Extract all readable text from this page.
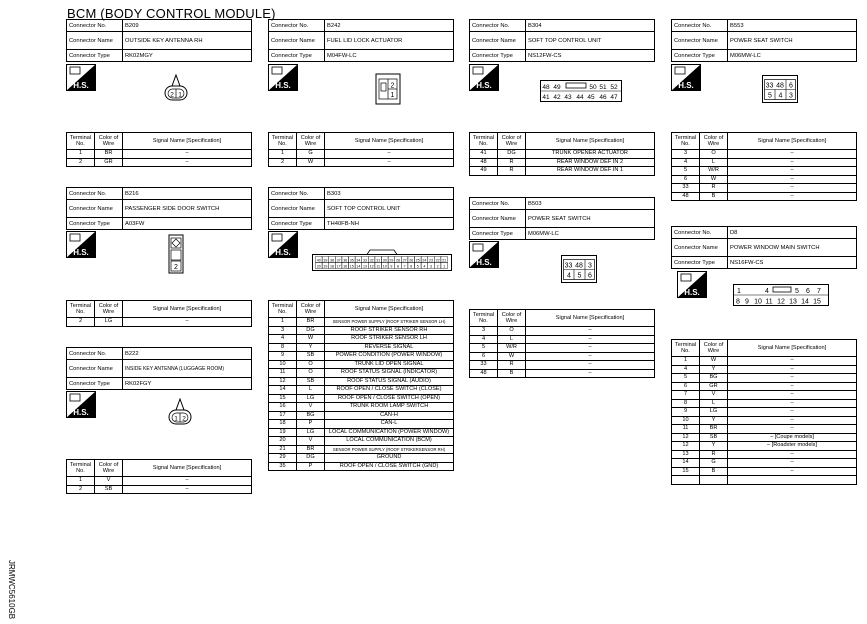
BCM (BODY CONTROL MODULE)
JRMWC5610GB
Connector No.	B209
Connector Name	OUTSIDE KEY ANTENNA RH
Connector Type	RK02MGY
H.S.
2 1
Terminal No.	Color of Wire	Signal Name [Specification]
1	BR	–
2	GR	–
Connector No.	B216
Connector Name	PASSENGER SIDE DOOR SWITCH
Connector Type	A03FW
H.S.
2
Terminal No.	Color of Wire	Signal Name [Specification]
2	LG	–
Connector No.	B222
Connector Name	INSIDE KEY ANTENNA (LUGGAGE ROOM)
Connector Type	RK02FGY
H.S.
1 2
Terminal No.	Color of Wire	Signal Name [Specification]
1	V	–
2	SB	–
Connector No.	B242
Connector Name	FUEL LID LOCK ACTUATOR
Connector Type	M04FW-LC
H.S.	2
1
Terminal No.	Color of Wire	Signal Name [Specification]
1	G	–
2	W	–
Connector No.	B303
Connector Name	SOFT TOP CONTROL UNIT
Connector Type	TH40FB-NH
H.S.
40 39 38 37 36 35 34 33 32 31 30 29 28 27 26 25 24 23 22 21
20 19 18 17 16 15 14 13 12 11 10 9 8 7 6 5 4 3 2 1
Terminal No.	Color of Wire	Signal Name [Specification]
1	BR	SENSOR POWER SUPPLY (ROOF STRIKER SENSOR LH)
3	DG	ROOF STRIKER SENSOR RH
4	W	ROOF STRIKER SENSOR LH
8	Y	REVERSE SIGNAL
9	SB	POWER CONDITION (POWER WINDOW)
10	O	TRUNK LID OPEN SIGNAL
11	O	ROOF STATUS SIGNAL (INDICATOR)
12	SB	ROOF STATUS SIGNAL (AUDIO)
14	L	ROOF OPEN / CLOSE SWITCH (CLOSE)
15	LG	ROOF OPEN / CLOSE SWITCH (OPEN)
16	V	TRUNK ROOM LAMP SWITCH
17	BG	CAN-H
18	P	CAN-L
19	LG	LOCAL COMMUNICATION (POWER WINDOW)
20	V	LOCAL COMMUNICATION (BCM)
21	BR	SENSOR POWER SUPPLY (ROOF STRIKERSENSOR RH)
29	DG	GROUND
35	P	ROOF OPEN / CLOSE SWITCH (GND)
Connector No.	B304
Connector Name	SOFT TOP CONTROL UNIT
Connector Type	NS12FW-CS
H.S.	48 49	50 51 52
41 42 43 44 45 46 47
Terminal No.	Color of Wire	Signal Name [Specification]
41	DG	TRUNK OPENER ACTUATOR
48	R	REAR WINDOW DEF IN 2
49	R	REAR WINDOW DEF IN 1
Connector No.	B503
Connector Name	POWER SEAT SWITCH
Connector Type	M06MW-LC
H.S.	33 48 3
4 5 6
Terminal No.	Color of Wire	Signal Name [Specification]
3	O	–
4	L	–
5	W/R	–
6	W	–
33	R	–
48	B	–
Connector No.	B553
Connector Name	POWER SEAT SWITCH
Connector Type	M06MW-LC
H.S.	33 48 6
5 4 3
Terminal No.	Color of Wire	Signal Name [Specification]
3	O	–
4	L	–
5	W/R	–
6	W	–
33	R	–
48	B	–
Connector No.	D8
Connector Name	POWER WINDOW MAIN SWITCH
Connector Type	NS16FW-CS
H.S.	1	4	5 6 7
8 9 10 11 12 13 14 15
Terminal No.	Color of Wire	Signal Name [Specification]
1	W	–
4	Y	–
5	BG	–
6	GR	–
7	V	–
8	L	–
9	LG	–
10	Y	–
11	BR	–
12	SB	– [Coupe models]
12	Y	– [Roadster models]
13	R	–
14	G	–
15	B	–
